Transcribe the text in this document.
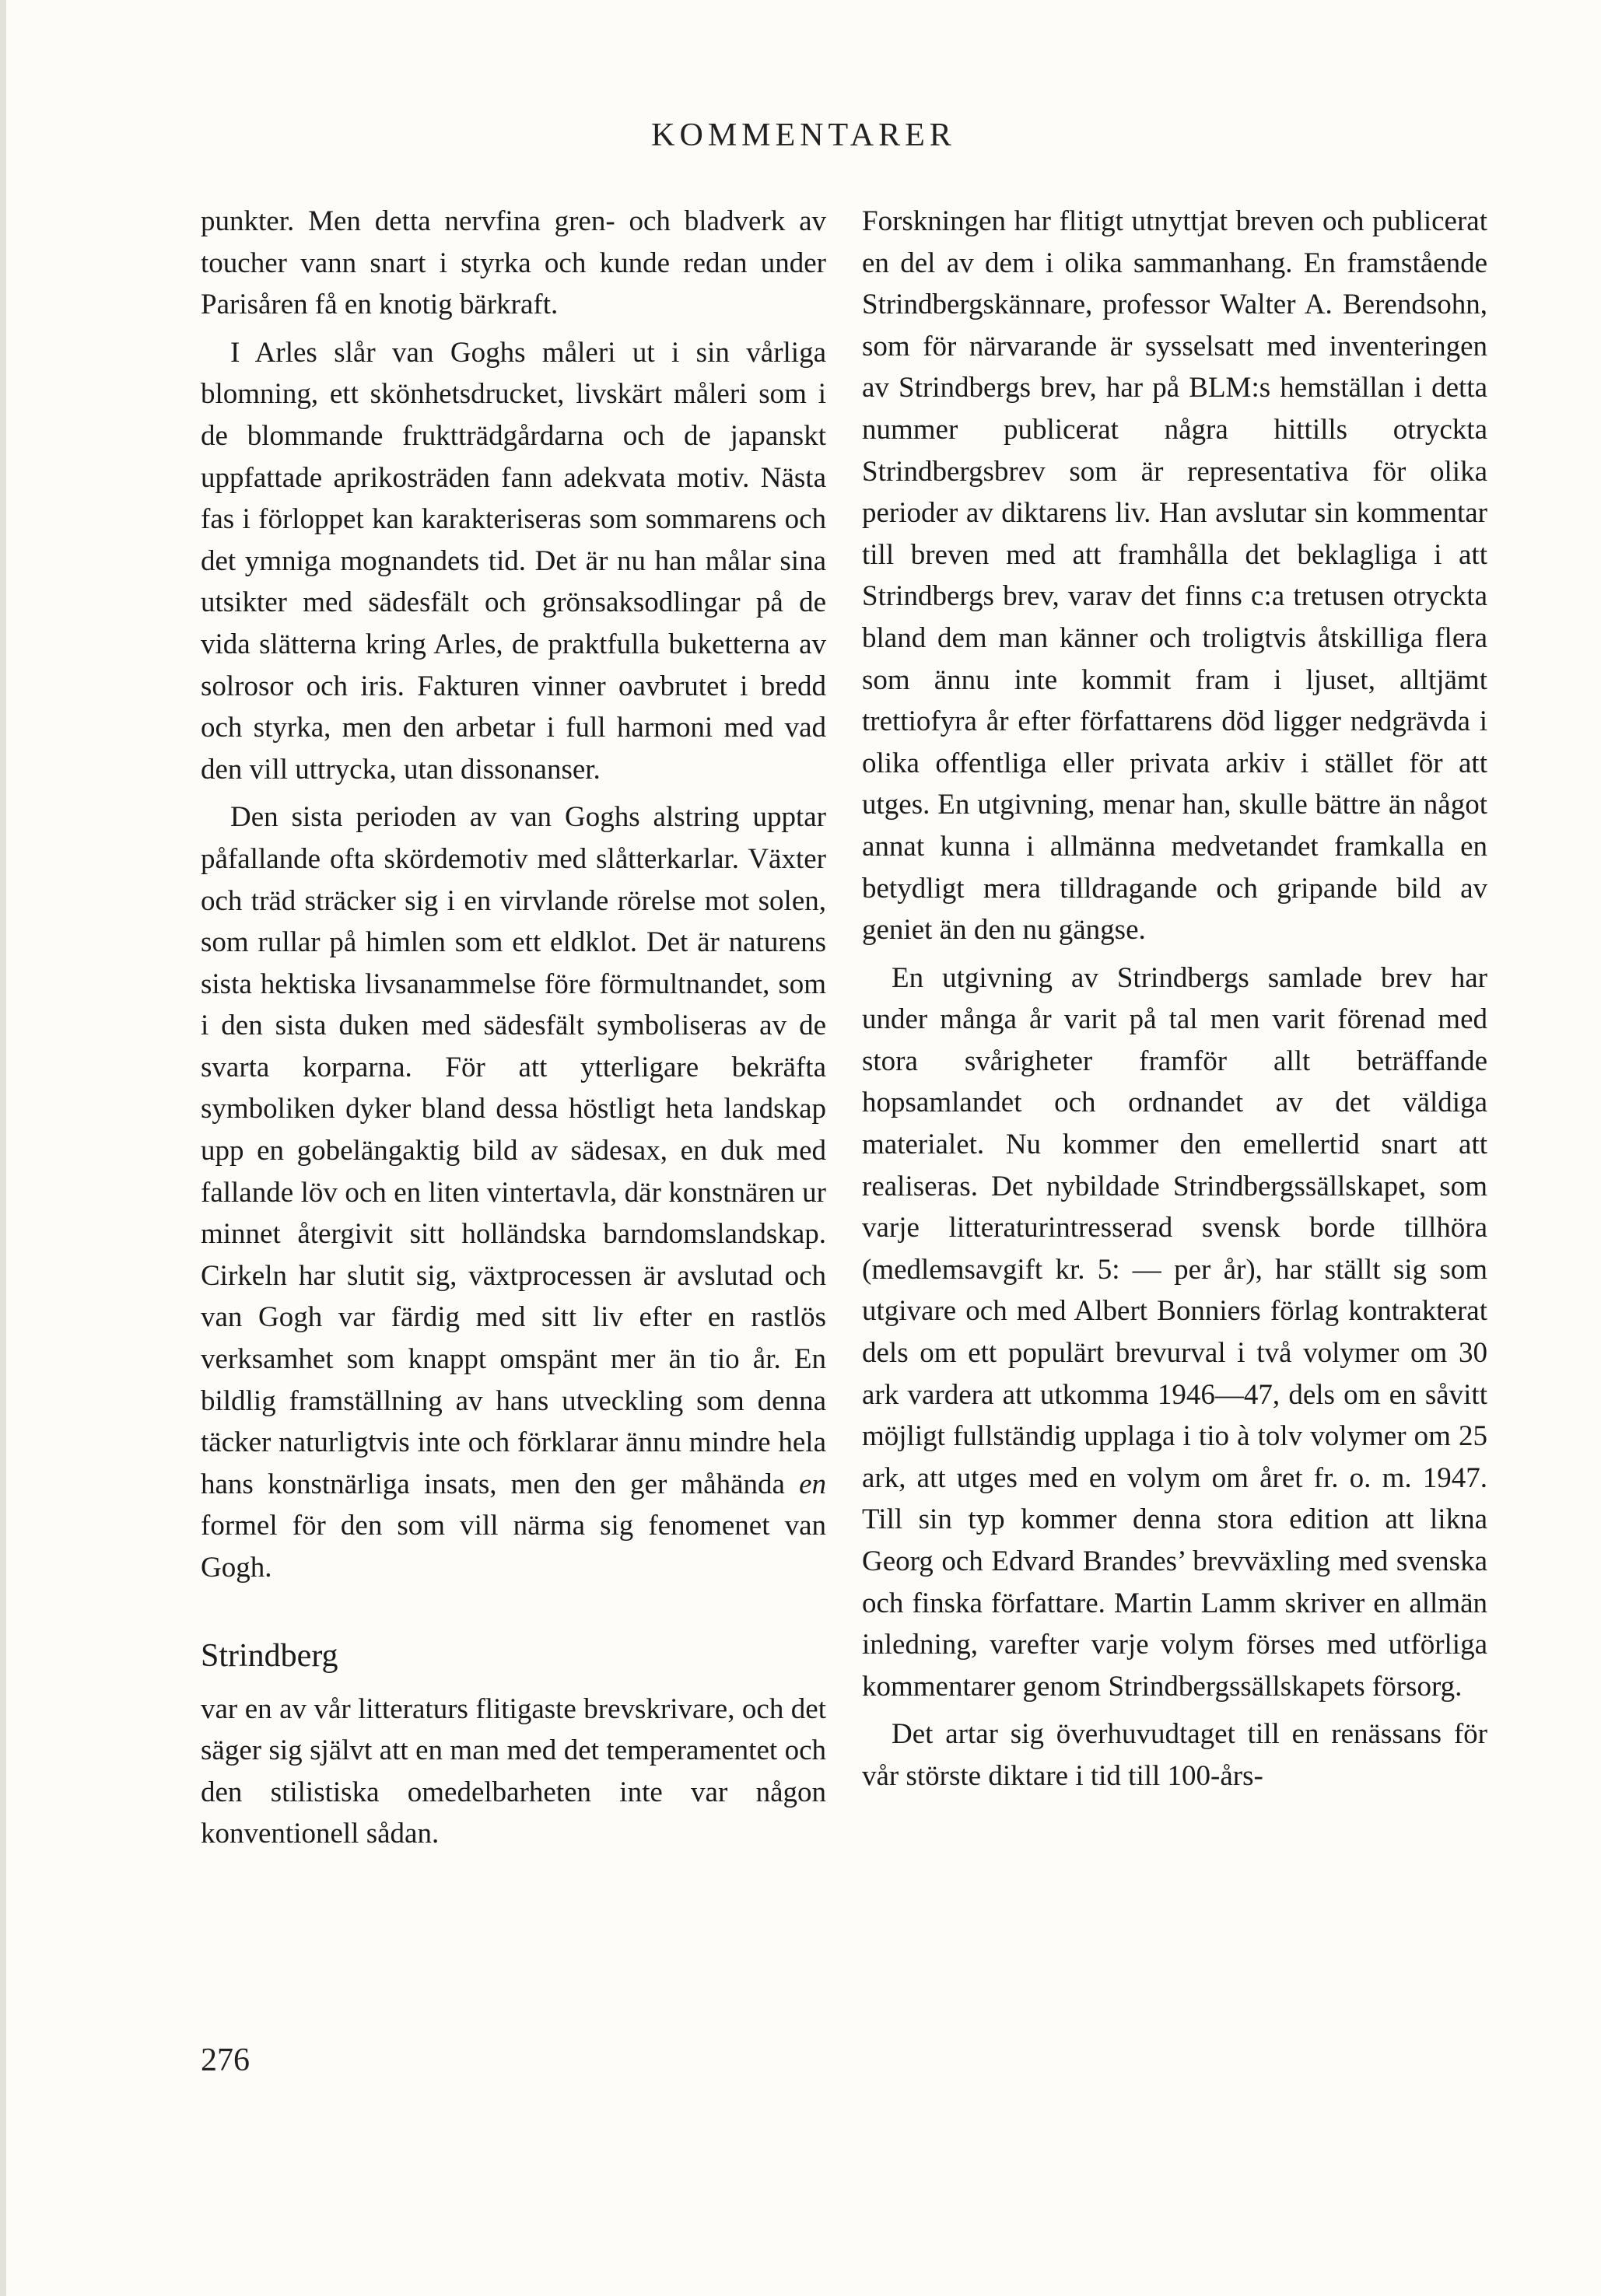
KOMMENTARER

punkter. Men detta nervfina gren- och bladverk av toucher vann snart i styrka och kunde redan under Parisåren få en knotig bärkraft.

I Arles slår van Goghs måleri ut i sin vårliga blomning, ett skönhetsdrucket, livskärt måleri som i de blommande fruktträdgårdarna och de japanskt uppfattade aprikosträden fann adekvata motiv. Nästa fas i förloppet kan karakteriseras som sommarens och det ymniga mognandets tid. Det är nu han målar sina utsikter med sädesfält och grönsaksodlingar på de vida slätterna kring Arles, de praktfulla buketterna av solrosor och iris. Fakturen vinner oavbrutet i bredd och styrka, men den arbetar i full harmoni med vad den vill uttrycka, utan dissonanser.

Den sista perioden av van Goghs alstring upptar påfallande ofta skördemotiv med slåtterkarlar. Växter och träd sträcker sig i en virvlande rörelse mot solen, som rullar på himlen som ett eldklot. Det är naturens sista hektiska livsanammelse före förmultnandet, som i den sista duken med sädesfält symboliseras av de svarta korparna. För att ytterligare bekräfta symboliken dyker bland dessa höstligt heta landskap upp en gobelängaktig bild av sädesax, en duk med fallande löv och en liten vintertavla, där konstnären ur minnet återgivit sitt holländska barndomslandskap. Cirkeln har slutit sig, växtprocessen är avslutad och van Gogh var färdig med sitt liv efter en rastlös verksamhet som knappt omspänt mer än tio år. En bildlig framställning av hans utveckling som denna täcker naturligtvis inte och förklarar ännu mindre hela hans konstnärliga insats, men den ger måhända en formel för den som vill närma sig fenomenet van Gogh.

Strindberg

var en av vår litteraturs flitigaste brevskrivare, och det säger sig självt att en man med det temperamentet och den stilistiska omedelbarheten inte var någon konventionell sådan.

Forskningen har flitigt utnyttjat breven och publicerat en del av dem i olika sammanhang. En framstående Strindbergskännare, professor Walter A. Berendsohn, som för närvarande är sysselsatt med inventeringen av Strindbergs brev, har på BLM:s hemställan i detta nummer publicerat några hittills otryckta Strindbergsbrev som är representativa för olika perioder av diktarens liv. Han avslutar sin kommentar till breven med att framhålla det beklagliga i att Strindbergs brev, varav det finns c:a tretusen otryckta bland dem man känner och troligtvis åtskilliga flera som ännu inte kommit fram i ljuset, alltjämt trettiofyra år efter författarens död ligger nedgrävda i olika offentliga eller privata arkiv i stället för att utges. En utgivning, menar han, skulle bättre än något annat kunna i allmänna medvetandet framkalla en betydligt mera tilldragande och gripande bild av geniet än den nu gängse.

En utgivning av Strindbergs samlade brev har under många år varit på tal men varit förenad med stora svårigheter framför allt beträffande hopsamlandet och ordnandet av det väldiga materialet. Nu kommer den emellertid snart att realiseras. Det nybildade Strindbergssällskapet, som varje litteraturintresserad svensk borde tillhöra (medlemsavgift kr. 5: — per år), har ställt sig som utgivare och med Albert Bonniers förlag kontrakterat dels om ett populärt brevurval i två volymer om 30 ark vardera att utkomma 1946—47, dels om en såvitt möjligt fullständig upplaga i tio à tolv volymer om 25 ark, att utges med en volym om året fr. o. m. 1947. Till sin typ kommer denna stora edition att likna Georg och Edvard Brandes’ brevväxling med svenska och finska författare. Martin Lamm skriver en allmän inledning, varefter varje volym förses med utförliga kommentarer genom Strindbergssällskapets försorg.

Det artar sig överhuvudtaget till en renässans för vår störste diktare i tid till 100-års-

276
